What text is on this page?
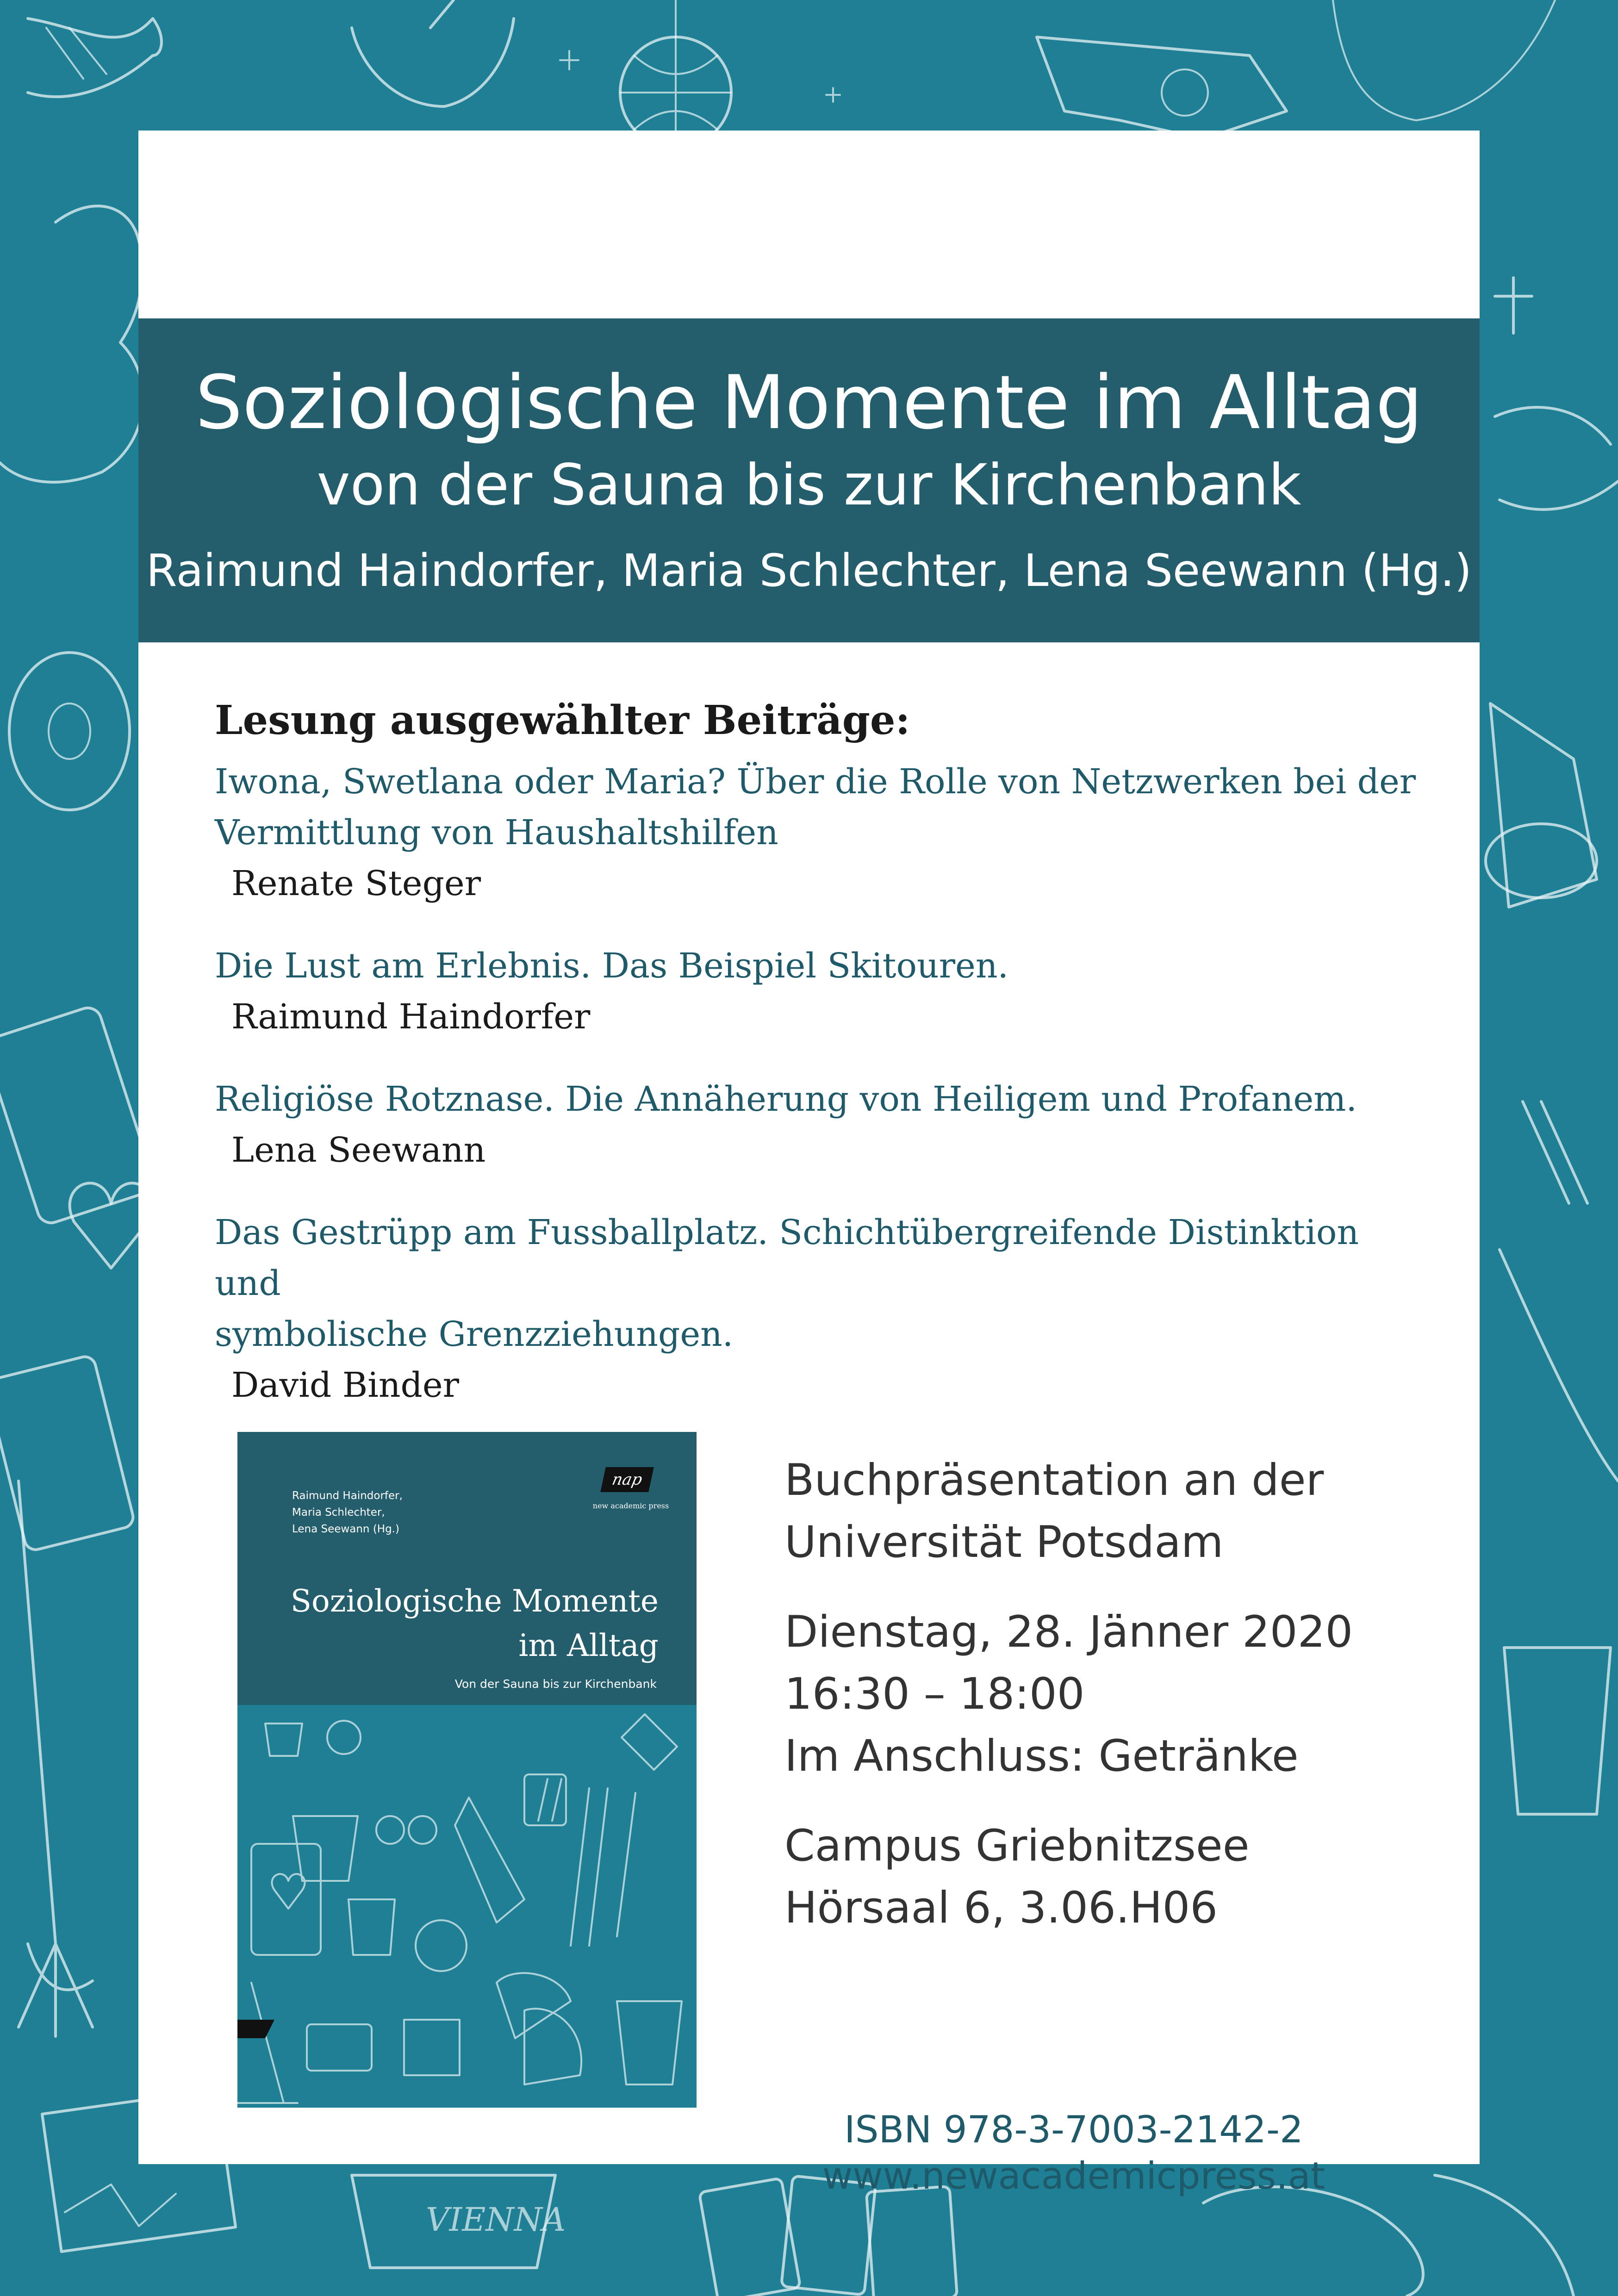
VIENNA
Soziologische Momente im Alltag
von der Sauna bis zur Kirchenbank
Raimund Haindorfer, Maria Schlechter, Lena Seewann (Hg.)
Lesung ausgewählter Beiträge:

Iwona, Swetlana oder Maria? Über die Rolle von Netzwerken bei der

Vermittlung von Haushaltshilfen

Renate Steger

Die Lust am Erlebnis. Das Beispiel Skitouren.

Raimund Haindorfer

Religiöse Rotznase. Die Annäherung von Heiligem und Profanem.

Lena Seewann

Das Gestrüpp am Fussballplatz. Schichtübergreifende Distinktion und

symbolische Grenzziehungen.

David Binder

Raimund Haindorfer,
Maria Schlechter,
Lena Seewann (Hg.)
nap
new academic press
Soziologische Momente
im Alltag
Von der Sauna bis zur Kirchenbank

Buchpräsentation an der
Universität Potsdam

Dienstag, 28. Jänner 2020
16:30 – 18:00
Im Anschluss: Getränke

Campus Griebnitzsee
Hörsaal 6, 3.06.H06

ISBN 978-3-7003-2142-2
www.newacademicpress.at
